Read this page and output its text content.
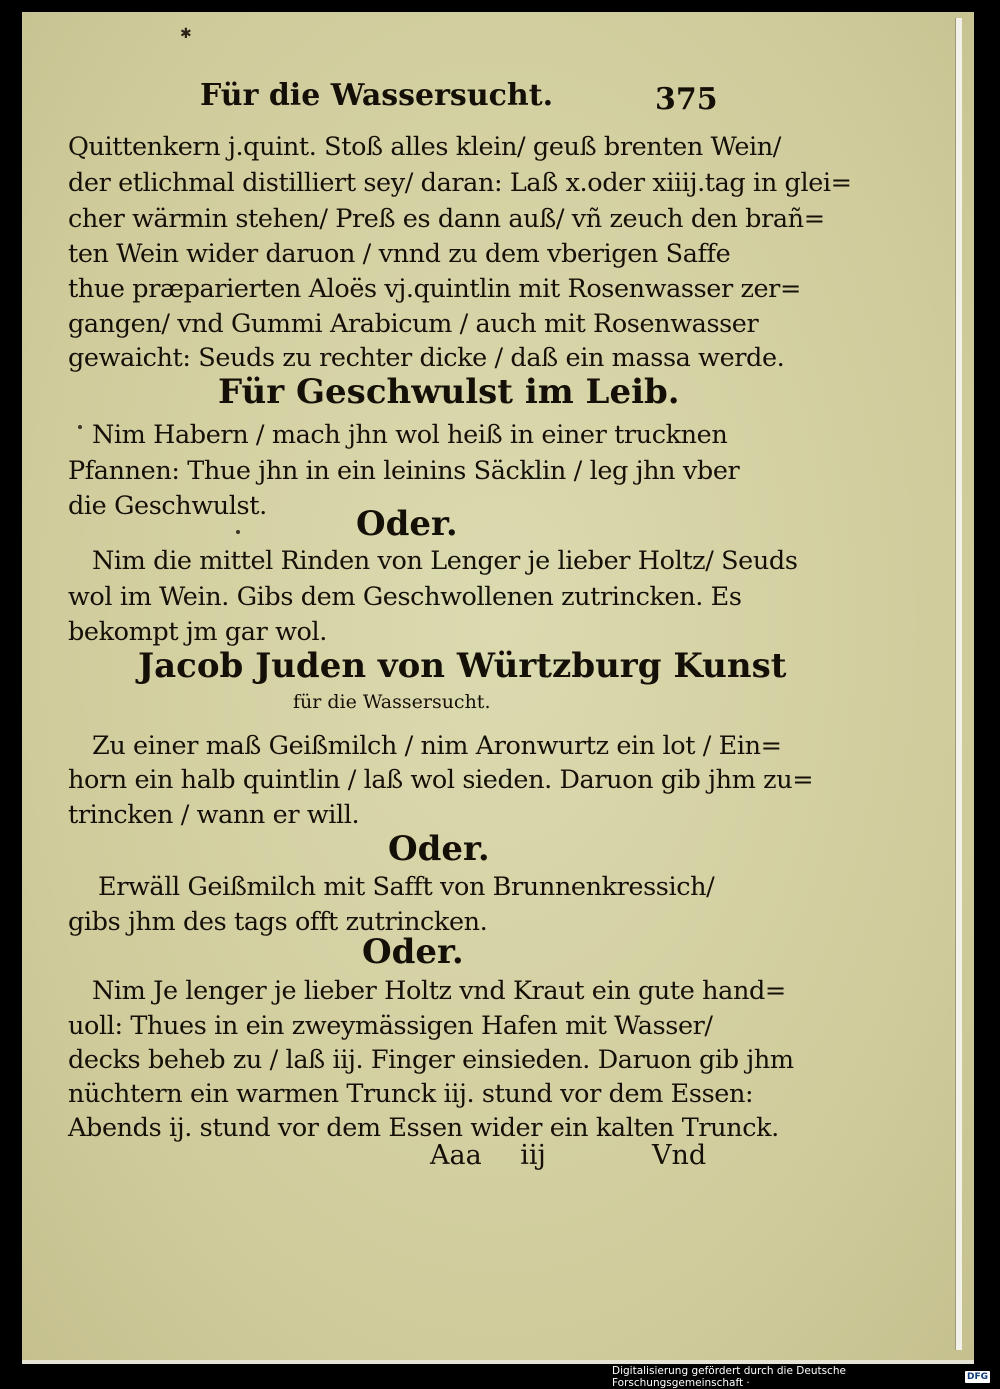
✱
Für die Wassersucht.	375
Quittenkern j.quint. Stoß alles klein/ geuß brenten Wein/
der etlichmal distilliert sey/ daran: Laß x.oder xiiij.tag in glei=
cher wärmin stehen/ Preß es dann auß/ vñ zeuch den brañ=
ten Wein wider daruon / vnnd zu dem vberigen Saffe
thue præparierten Aloës vj.quintlin mit Rosenwasser zer=
gangen/ vnd Gummi Arabicum / auch mit Rosenwasser
gewaicht: Seuds zu rechter dicke / daß ein massa werde.
Für Geschwulst im Leib.
Nim Habern / mach jhn wol heiß in einer trucknen
Pfannen: Thue jhn in ein leinins Säcklin / leg jhn vber
die Geschwulst.	Oder.
Nim die mittel Rinden von Lenger je lieber Holtz/ Seuds
wol im Wein. Gibs dem Geschwollenen zutrincken. Es
bekompt jm gar wol.
Jacob Juden von Würtzburg Kunst
für die Wassersucht.
Zu einer maß Geißmilch / nim Aronwurtz ein lot / Ein=
horn ein halb quintlin / laß wol sieden. Daruon gib jhm zu=
trincken / wann er will.
Oder.
Erwäll Geißmilch mit Safft von Brunnenkressich/
gibs jhm des tags offt zutrincken.
Oder.
Nim Je lenger je lieber Holtz vnd Kraut ein gute hand=
uoll: Thues in ein zweymässigen Hafen mit Wasser/
decks beheb zu / laß iij. Finger einsieden. Daruon gib jhm
nüchtern ein warmen Trunck iij. stund vor dem Essen:
Abends ij. stund vor dem Essen wider ein kalten Trunck.
Aaa iij	Vnd
Digitalisierung gefördert durch die Deutsche Forschungsgemeinschaft ·	DFG
